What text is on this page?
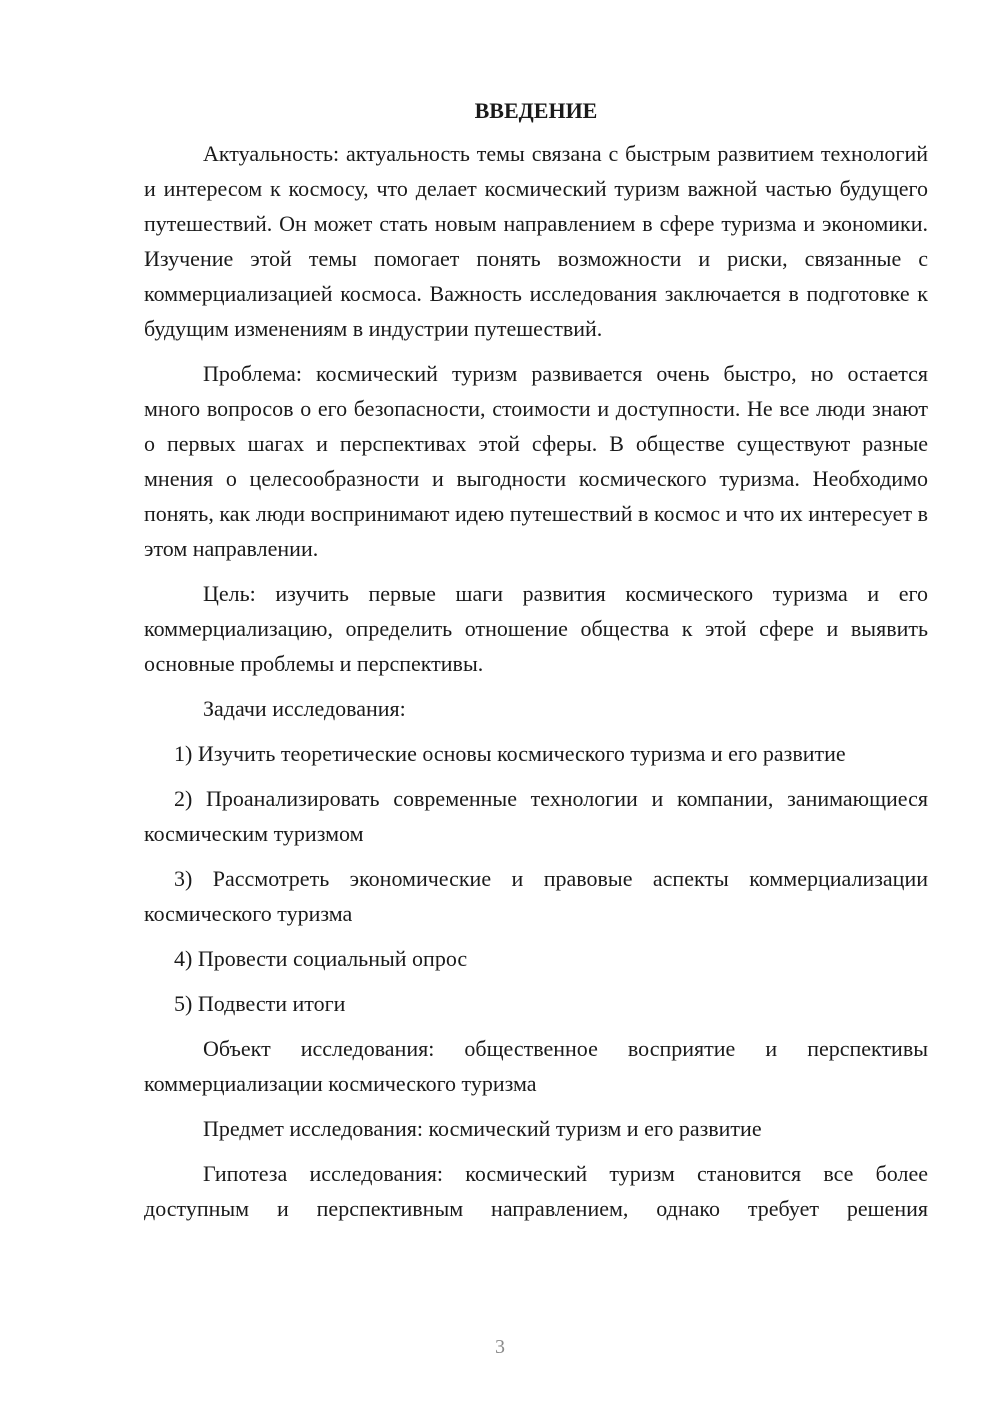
ВВЕДЕНИЕ

Актуальность: актуальность темы связана с быстрым развитием технологий и интересом к космосу, что делает космический туризм важной частью будущего путешествий. Он может стать новым направлением в сфере туризма и экономики. Изучение этой темы помогает понять возможности и риски, связанные с коммерциализацией космоса. Важность исследования заключается в подготовке к будущим изменениям в индустрии путешествий.

Проблема: космический туризм развивается очень быстро, но остается много вопросов о его безопасности, стоимости и доступности. Не все люди знают о первых шагах и перспективах этой сферы. В обществе существуют разные мнения о целесообразности и выгодности космического туризма. Необходимо понять, как люди воспринимают идею путешествий в космос и что их интересует в этом направлении.

Цель: изучить первые шаги развития космического туризма и его коммерциализацию, определить отношение общества к этой сфере и выявить основные проблемы и перспективы.

Задачи исследования:

1) Изучить теоретические основы космического туризма и его развитие

2) Проанализировать современные технологии и компании, занимающиеся космическим туризмом

3) Рассмотреть экономические и правовые аспекты коммерциализации космического туризма

4) Провести социальный опрос

5) Подвести итоги

Объект исследования: общественное восприятие и перспективы коммерциализации космического туризма

Предмет исследования: космический туризм и его развитие

Гипотеза исследования: космический туризм становится все более доступным и перспективным направлением, однако требует решения

3
